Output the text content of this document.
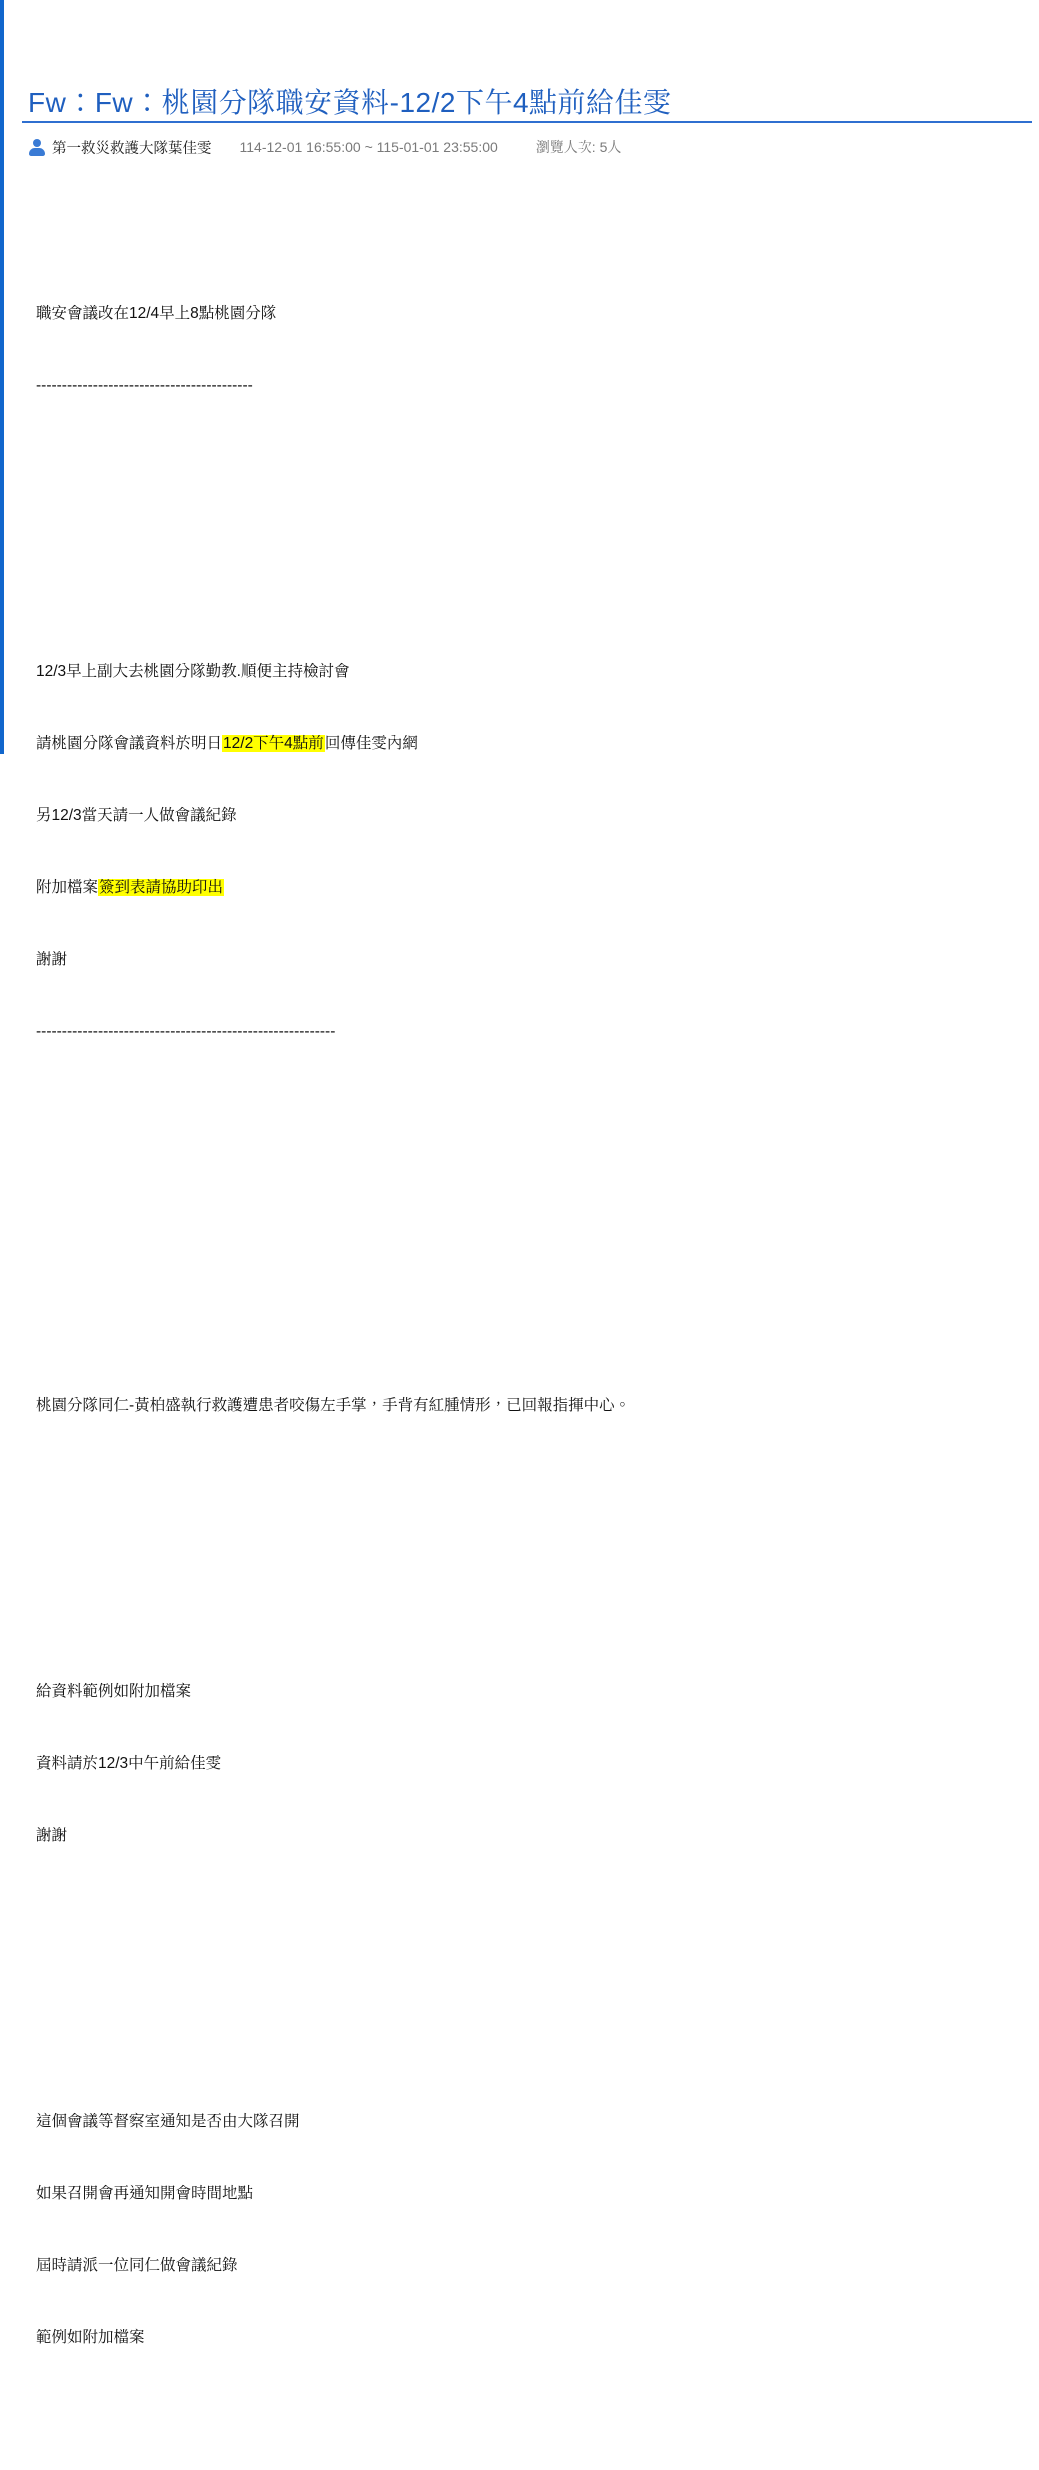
Fw：Fw：桃園分隊職安資料-12/2下午4點前給佳雯
第一救災救護大隊葉佳雯 114-12-01 16:55:00 ~ 115-01-01 23:55:00	瀏覽人次: 5人

職安會議改在12/4早上8點桃園分隊

------------------------------------------

12/3早上副大去桃園分隊勤教.順便主持檢討會

請桃園分隊會議資料於明日12/2下午4點前回傳佳雯內網

另12/3當天請一人做會議紀錄

附加檔案簽到表請協助印出

謝謝

----------------------------------------------------------

桃園分隊同仁-黃柏盛執行救護遭患者咬傷左手掌，手背有紅腫情形，已回報指揮中心。

給資料範例如附加檔案

資料請於12/3中午前給佳雯

謝謝

這個會議等督察室通知是否由大隊召開

如果召開會再通知開會時間地點

屆時請派一位同仁做會議紀錄

範例如附加檔案
